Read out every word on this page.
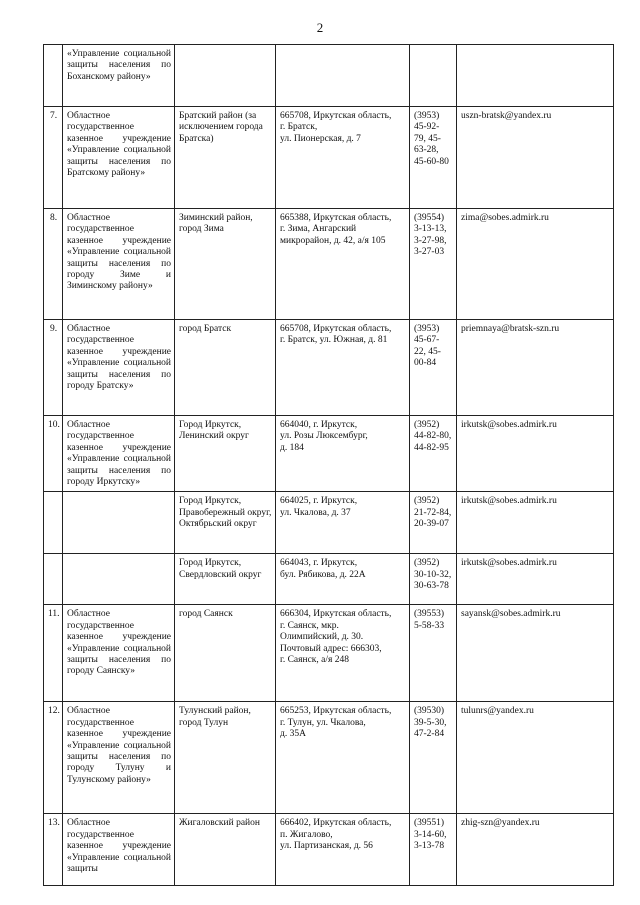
2
	«Управление социальной защиты населения по Боханскому району»				
7.	Областное государственное казенное учреждение «Управление социальной защиты населения по Братскому району»	Братский район (за исключением города Братска)	665708, Иркутская область,
г. Братск,
ул. Пионерская, д. 7	(3953)
45-92-
79, 45-
63-28,
45-60-80	uszn-bratsk@yandex.ru
8.	Областное государственное казенное учреждение «Управление социальной защиты населения по городу Зиме и Зиминскому району»	Зиминский район, город Зима	665388, Иркутская область,
г. Зима, Ангарский
микрорайон, д. 42, а/я 105	(39554)
3-13-13,
3-27-98,
3-27-03	zima@sobes.admirk.ru
9.	Областное государственное казенное учреждение «Управление социальной защиты населения по городу Братску»	город Братск	665708, Иркутская область,
г. Братск, ул. Южная, д. 81	(3953)
45-67-
22, 45-
00-84	priemnaya@bratsk-szn.ru
10.	Областное государственное казенное учреждение «Управление социальной защиты населения по городу Иркутску»	Город Иркутск, Ленинский округ	664040, г. Иркутск,
ул. Розы Люксембург,
д. 184	(3952)
44-82-80,
44-82-95	irkutsk@sobes.admirk.ru
		Город Иркутск, Правобережный округ, Октябрьский округ	664025, г. Иркутск,
ул. Чкалова, д. 37	(3952)
21-72-84,
20-39-07	irkutsk@sobes.admirk.ru
		Город Иркутск, Свердловский округ	664043, г. Иркутск,
бул. Рябикова, д. 22А	(3952)
30-10-32,
30-63-78	irkutsk@sobes.admirk.ru
11.	Областное государственное казенное учреждение «Управление социальной защиты населения по городу Саянску»	город Саянск	666304, Иркутская область,
г. Саянск, мкр.
Олимпийский, д. 30.
Почтовый адрес: 666303,
г. Саянск, а/я 248	(39553)
5-58-33	sayansk@sobes.admirk.ru
12.	Областное государственное казенное учреждение «Управление социальной защиты населения по городу Тулуну и Тулунскому району»	Тулунский район, город Тулун	665253, Иркутская область,
г. Тулун, ул. Чкалова,
д. 35А	(39530)
39-5-30,
47-2-84	tulunrs@yandex.ru
13.	Областное государственное казенное учреждение «Управление социальной защиты	Жигаловский район	666402, Иркутская область,
п. Жигалово,
ул. Партизанская, д. 56	(39551)
3-14-60,
3-13-78	zhig-szn@yandex.ru
